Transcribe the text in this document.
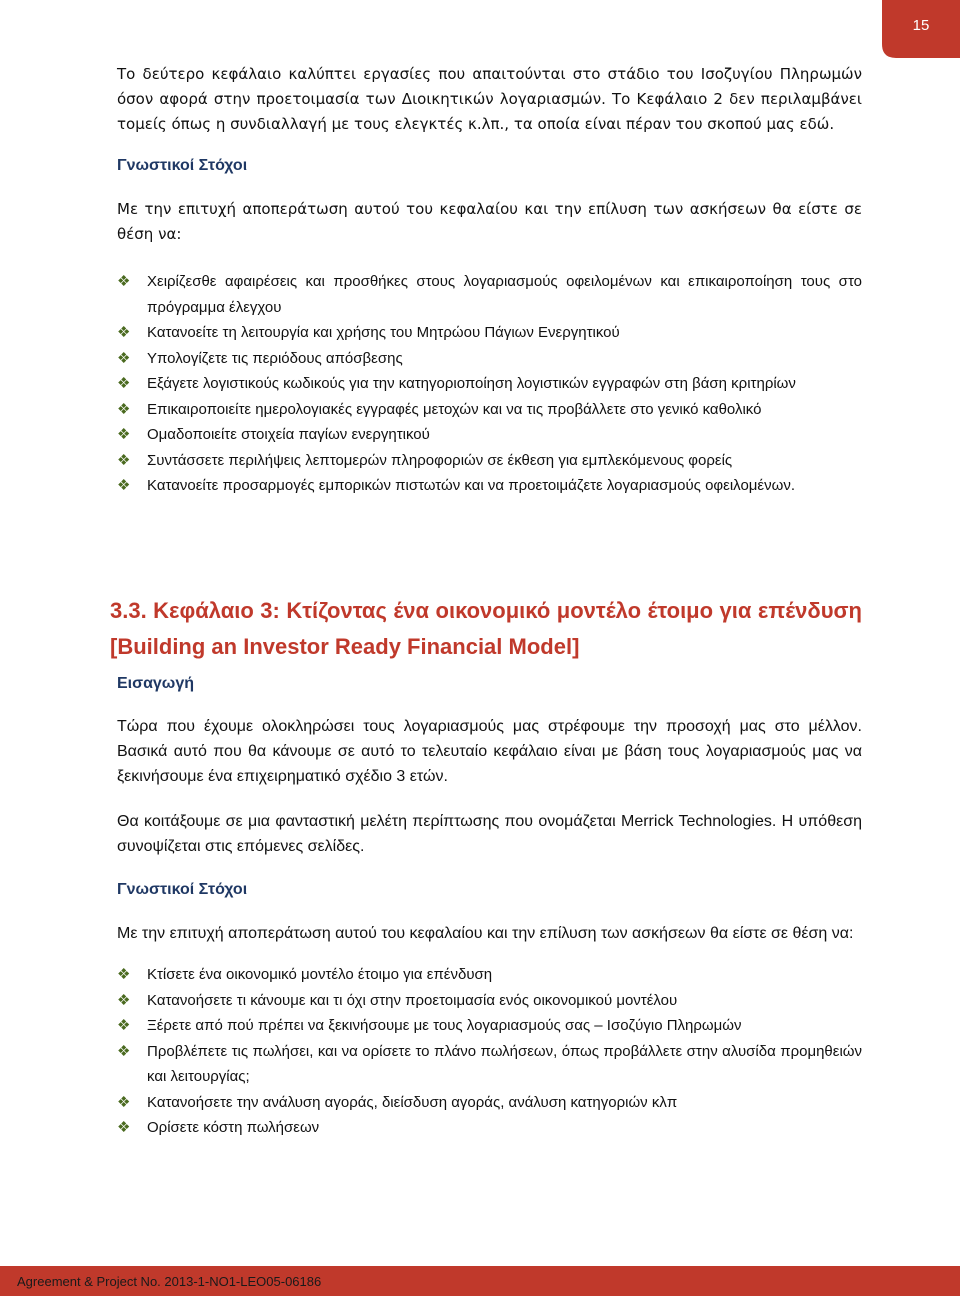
15

Το δεύτερο κεφάλαιο καλύπτει εργασίες που απαιτούνται στο στάδιο του Ισοζυγίου Πληρωμών όσον αφορά στην προετοιμασία των Διοικητικών λογαριασμών. Το Κεφάλαιο 2 δεν περιλαμβάνει τομείς όπως η συνδιαλλαγή με τους ελεγκτές κ.λπ., τα οποία είναι πέραν του σκοπού μας εδώ.

Γνωστικοί Στόχοι

Με την επιτυχή αποπεράτωση αυτού του κεφαλαίου και την επίλυση των ασκήσεων θα είστε σε θέση να:

❖ Χειρίζεσθε αφαιρέσεις και προσθήκες στους λογαριασμούς οφειλομένων και επικαιροποίηση τους στο πρόγραμμα έλεγχου
❖ Κατανοείτε τη λειτουργία και χρήσης του Μητρώου Πάγιων Ενεργητικού
❖ Υπολογίζετε τις περιόδους απόσβεσης
❖ Εξάγετε λογιστικούς κωδικούς για την κατηγοριοποίηση λογιστικών εγγραφών στη βάση κριτηρίων
❖ Επικαιροποιείτε ημερολογιακές εγγραφές μετοχών και να τις προβάλλετε στο γενικό καθολικό
❖ Ομαδοποιείτε στοιχεία παγίων ενεργητικού
❖ Συντάσσετε περιλήψεις λεπτομερών πληροφοριών σε έκθεση για εμπλεκόμενους φορείς
❖ Κατανοείτε προσαρμογές εμπορικών πιστωτών και να προετοιμάζετε λογαριασμούς οφειλομένων.

3.3. Κεφάλαιο 3: Κτίζοντας ένα οικονομικό μοντέλο έτοιμο για επένδυση [Building an Investor Ready Financial Model]

Εισαγωγή

Τώρα που έχουμε ολοκληρώσει τους λογαριασμούς μας στρέφουμε την προσοχή μας στο μέλλον. Βασικά αυτό που θα κάνουμε σε αυτό το τελευταίο κεφάλαιο είναι με βάση τους λογαριασμούς μας να ξεκινήσουμε ένα επιχειρηματικό σχέδιο 3 ετών.

Θα κοιτάξουμε σε μια φανταστική μελέτη περίπτωσης που ονομάζεται Merrick Technologies. Η υπόθεση συνοψίζεται στις επόμενες σελίδες.

Γνωστικοί Στόχοι

Με την επιτυχή αποπεράτωση αυτού του κεφαλαίου και την επίλυση των ασκήσεων θα είστε σε θέση να:

❖ Κτίσετε ένα οικονομικό μοντέλο έτοιμο για επένδυση
❖ Κατανοήσετε τι κάνουμε και τι όχι στην προετοιμασία ενός οικονομικού μοντέλου
❖ Ξέρετε από πού πρέπει να ξεκινήσουμε με τους λογαριασμούς σας – Ισοζύγιο Πληρωμών
❖ Προβλέπετε τις πωλήσει, και να ορίσετε το πλάνο πωλήσεων, όπως προβάλλετε στην αλυσίδα προμηθειών και λειτουργίας;
❖ Κατανοήσετε την ανάλυση αγοράς, διείσδυση αγοράς, ανάλυση κατηγοριών κλπ
❖ Ορίσετε κόστη πωλήσεων
Agreement & Project No. 2013-1-NO1-LEO05-06186
